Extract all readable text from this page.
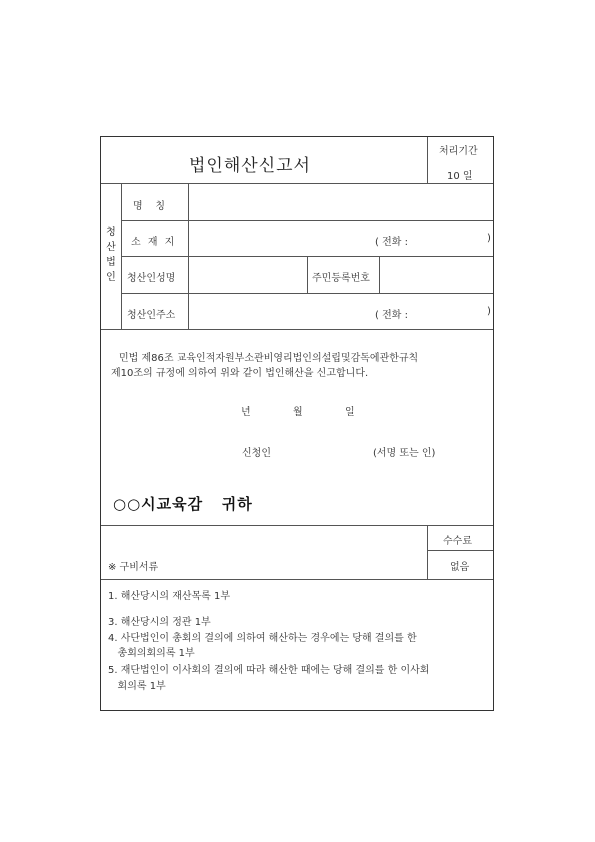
법인해산신고서
처리기간
10 일
청
산
법
인
명    칭
소 재 지	( 전화 :	)
청산인성명	주민등록번호
청산인주소	( 전화 :	)
민법 제86조 교육인적자원부소관비영리법인의설립및감독에관한규칙
제10조의 규정에 의하여 위와 같이 법인해산을 신고합니다.
년	월	일
신청인	(서명 또는 인)
○○시교육감   귀하
수수료
없음
※ 구비서류
1. 해산당시의 재산목록 1부
3. 해산당시의 정관 1부
4. 사단법인이 총회의 결의에 의하여 해산하는 경우에는 당해 결의를 한
총회의회의록 1부
5. 재단법인이 이사회의 결의에 따라 해산한 때에는 당해 결의를 한 이사회
회의록 1부
